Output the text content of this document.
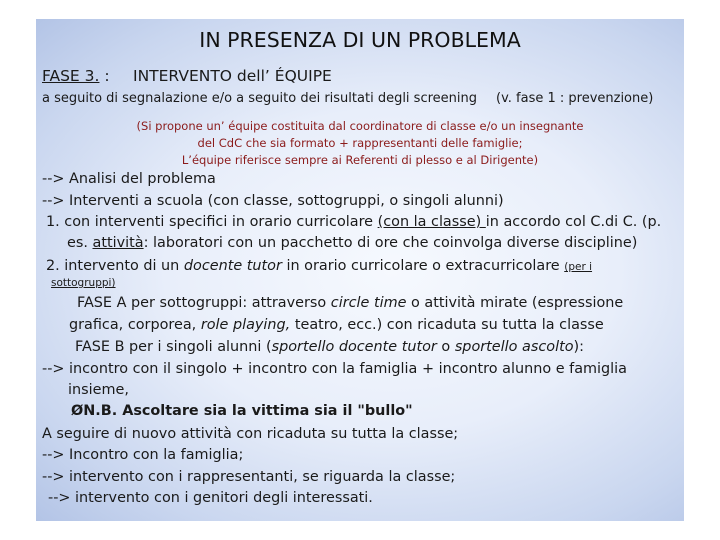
IN PRESENZA DI UN PROBLEMA
FASE 3. : INTERVENTO dell’ ÉQUIPE
a seguito di segnalazione e/o a seguito dei risultati degli screening (v. fase 1 : prevenzione)
(Si propone un’ équipe costituita dal coordinatore di classe e/o un insegnante
del CdC che sia formato + rappresentanti delle famiglie;
L’équipe riferisce sempre ai Referenti di plesso e al Dirigente)
--> Analisi del problema
--> Interventi a scuola (con classe, sottogruppi, o singoli alunni)
1. con interventi specifici in orario curricolare (con la classe) in accordo col C.di C. (p.
es. attività: laboratori con un pacchetto di ore che coinvolga diverse discipline)
2. intervento di un docente tutor in orario curricolare o extracurricolare (per i
sottogruppi)
FASE A per sottogruppi: attraverso circle time o attività mirate (espressione
grafica, corporea, role playing, teatro, ecc.) con ricaduta su tutta la classe
FASE B per i singoli alunni (sportello docente tutor o sportello ascolto):
--> incontro con il singolo + incontro con la famiglia + incontro alunno e famiglia
insieme,
ØN.B. Ascoltare sia la vittima sia il "bullo"
A seguire di nuovo attività con ricaduta su tutta la classe;
--> Incontro con la famiglia;
--> intervento con i rappresentanti, se riguarda la classe;
--> intervento con i genitori degli interessati.
